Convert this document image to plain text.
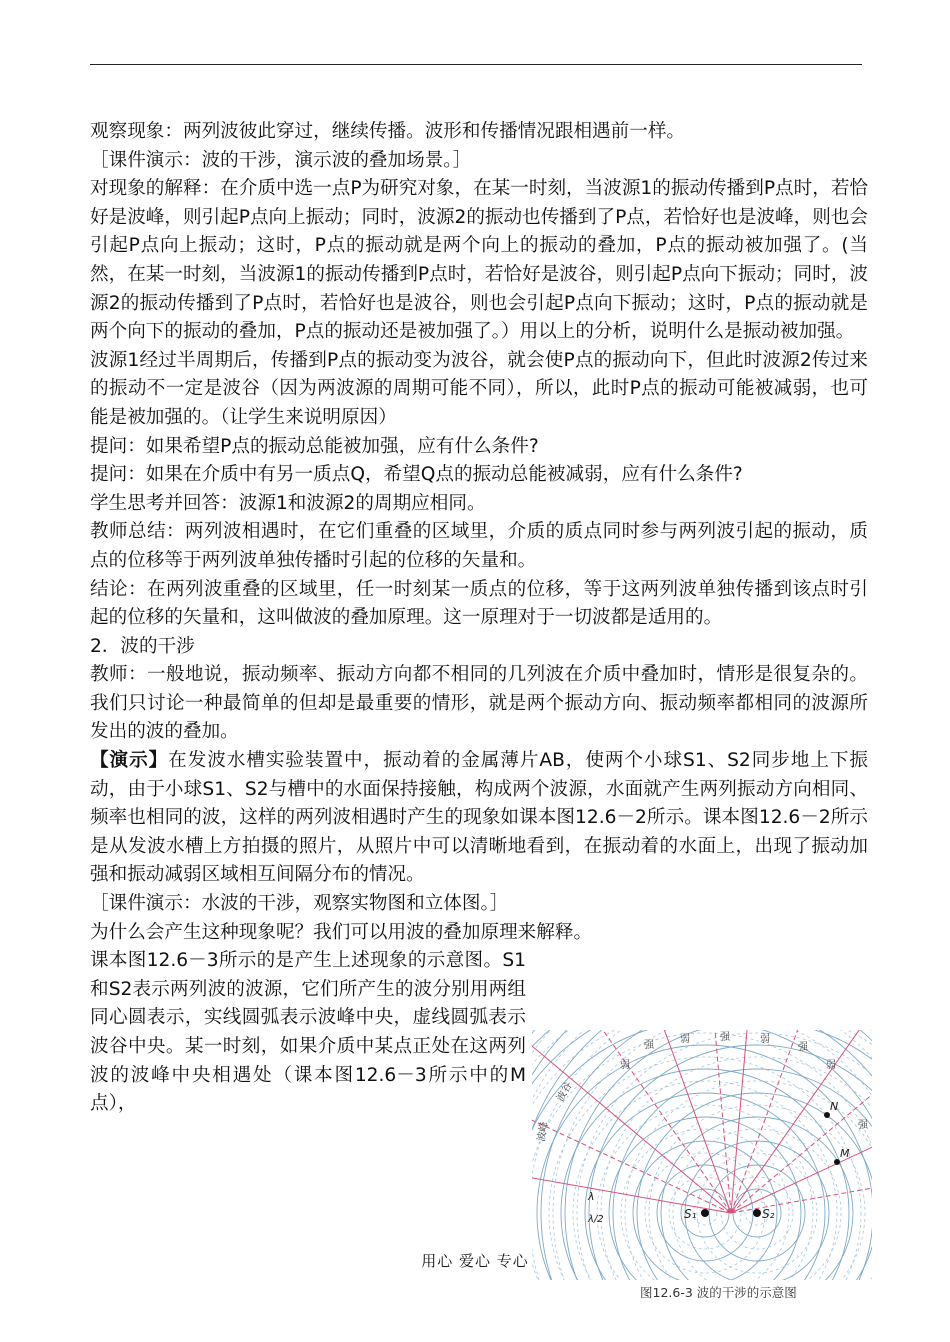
观察现象：两列波彼此穿过，继续传播。波形和传播情况跟相遇前一样。

［课件演示：波的干涉，演示波的叠加场景。］

对现象的解释：在介质中选一点P为研究对象，在某一时刻，当波源1的振动传播到P点时，若恰好是波峰，则引起P点向上振动；同时，波源2的振动也传播到了P点，若恰好也是波峰，则也会引起P点向上振动；这时，P点的振动就是两个向上的振动的叠加，P点的振动被加强了。(当然，在某一时刻，当波源1的振动传播到P点时，若恰好是波谷，则引起P点向下振动；同时，波源2的振动传播到了P点时，若恰好也是波谷，则也会引起P点向下振动；这时，P点的振动就是两个向下的振动的叠加，P点的振动还是被加强了。）用以上的分析，说明什么是振动被加强。

波源1经过半周期后，传播到P点的振动变为波谷，就会使P点的振动向下，但此时波源2传过来的振动不一定是波谷（因为两波源的周期可能不同），所以，此时P点的振动可能被减弱，也可能是被加强的。（让学生来说明原因）

提问：如果希望P点的振动总能被加强，应有什么条件?

提问：如果在介质中有另一质点Q，希望Q点的振动总能被减弱，应有什么条件?

学生思考并回答：波源1和波源2的周期应相同。

教师总结：两列波相遇时，在它们重叠的区域里，介质的质点同时参与两列波引起的振动，质点的位移等于两列波单独传播时引起的位移的矢量和。

结论：在两列波重叠的区域里，任一时刻某一质点的位移，等于这两列波单独传播到该点时引起的位移的矢量和，这叫做波的叠加原理。这一原理对于一切波都是适用的。

2．波的干涉

教师：一般地说，振动频率、振动方向都不相同的几列波在介质中叠加时，情形是很复杂的。我们只讨论一种最简单的但却是最重要的情形，就是两个振动方向、振动频率都相同的波源所发出的波的叠加。

【演示】在发波水槽实验装置中，振动着的金属薄片AB，使两个小球S1、S2同步地上下振动，由于小球S1、S2与槽中的水面保持接触，构成两个波源，水面就产生两列振动方向相同、频率也相同的波，这样的两列波相遇时产生的现象如课本图12.6－2所示。课本图12.6－2所示是从发波水槽上方拍摄的照片，从照片中可以清晰地看到，在振动着的水面上，出现了振动加强和振动减弱区域相互间隔分布的情况。

［课件演示：水波的干涉，观察实物图和立体图。］

为什么会产生这种现象呢？我们可以用波的叠加原理来解释。

课本图12.6－3所示的是产生上述现象的示意图。S1和S2表示两列波的波源，它们所产生的波分别用两组同心圆表示，实线圆弧表示波峰中央，虚线圆弧表示波谷中央。某一时刻，如果介质中某点正处在这两列波的波峰中央相遇处（课本图12.6－3所示中的M点），

S₁	S₂
N
M
波谷
波峰
λ
λ/2
弱
强
弱	强	弱
强
弱
强
图12.6-3 波的干涉的示意图
用心 爱心 专心
